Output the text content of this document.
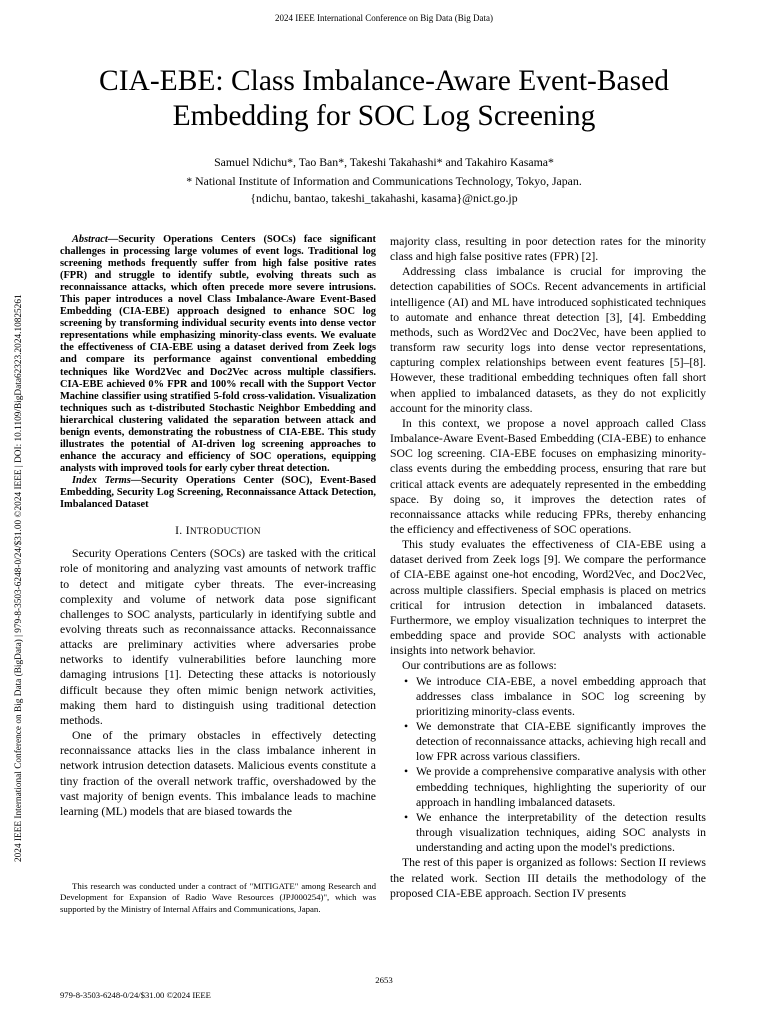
2024 IEEE International Conference on Big Data (Big Data)
CIA-EBE: Class Imbalance-Aware Event-Based
Embedding for SOC Log Screening
Samuel Ndichu*, Tao Ban*, Takeshi Takahashi* and Takahiro Kasama*
* National Institute of Information and Communications Technology, Tokyo, Japan.
{ndichu, bantao, takeshi_takahashi, kasama}@nict.go.jp
2024 IEEE International Conference on Big Data (BigData) | 979-8-3503-6248-0/24/$31.00 ©2024 IEEE | DOI: 10.1109/BigData62323.2024.10825261

Abstract—Security Operations Centers (SOCs) face significant challenges in processing large volumes of event logs. Traditional log screening methods frequently suffer from high false positive rates (FPR) and struggle to identify subtle, evolving threats such as reconnaissance attacks, which often precede more severe intrusions. This paper introduces a novel Class Imbalance-Aware Event-Based Embedding (CIA-EBE) approach designed to enhance SOC log screening by transforming individual security events into dense vector representations while emphasizing minority-class events. We evaluate the effectiveness of CIA-EBE using a dataset derived from Zeek logs and compare its performance against conventional embedding techniques like Word2Vec and Doc2Vec across multiple classifiers. CIA-EBE achieved 0% FPR and 100% recall with the Support Vector Machine classifier using stratified 5-fold cross-validation. Visualization techniques such as t-distributed Stochastic Neighbor Embedding and hierarchical clustering validated the separation between attack and benign events, demonstrating the robustness of CIA-EBE. This study illustrates the potential of AI-driven log screening approaches to enhance the accuracy and efficiency of SOC operations, equipping analysts with improved tools for early cyber threat detection.

Index Terms—Security Operations Center (SOC), Event-Based Embedding, Security Log Screening, Reconnaissance Attack Detection, Imbalanced Dataset

I. INTRODUCTION

Security Operations Centers (SOCs) are tasked with the critical role of monitoring and analyzing vast amounts of network traffic to detect and mitigate cyber threats. The ever-increasing complexity and volume of network data pose significant challenges to SOC analysts, particularly in identifying subtle and evolving threats such as reconnaissance attacks. Reconnaissance attacks are preliminary activities where adversaries probe networks to identify vulnerabilities before launching more damaging intrusions [1]. Detecting these attacks is notoriously difficult because they often mimic benign network activities, making them hard to distinguish using traditional detection methods.

One of the primary obstacles in effectively detecting reconnaissance attacks lies in the class imbalance inherent in network intrusion detection datasets. Malicious events constitute a tiny fraction of the overall network traffic, overshadowed by the vast majority of benign events. This imbalance leads to machine learning (ML) models that are biased towards the

This research was conducted under a contract of "MITIGATE" among Research and Development for Expansion of Radio Wave Resources (JPJ000254)", which was supported by the Ministry of Internal Affairs and Communications, Japan.

majority class, resulting in poor detection rates for the minority class and high false positive rates (FPR) [2].

Addressing class imbalance is crucial for improving the detection capabilities of SOCs. Recent advancements in artificial intelligence (AI) and ML have introduced sophisticated techniques to automate and enhance threat detection [3], [4]. Embedding methods, such as Word2Vec and Doc2Vec, have been applied to transform raw security logs into dense vector representations, capturing complex relationships between event features [5]–[8]. However, these traditional embedding techniques often fall short when applied to imbalanced datasets, as they do not explicitly account for the minority class.

In this context, we propose a novel approach called Class Imbalance-Aware Event-Based Embedding (CIA-EBE) to enhance SOC log screening. CIA-EBE focuses on emphasizing minority-class events during the embedding process, ensuring that rare but critical attack events are adequately represented in the embedding space. By doing so, it improves the detection rates of reconnaissance attacks while reducing FPRs, thereby enhancing the efficiency and effectiveness of SOC operations.

This study evaluates the effectiveness of CIA-EBE using a dataset derived from Zeek logs [9]. We compare the performance of CIA-EBE against one-hot encoding, Word2Vec, and Doc2Vec, across multiple classifiers. Special emphasis is placed on metrics critical for intrusion detection in imbalanced datasets. Furthermore, we employ visualization techniques to interpret the embedding space and provide SOC analysts with actionable insights into network behavior.

Our contributions are as follows:

• We introduce CIA-EBE, a novel embedding approach that addresses class imbalance in SOC log screening by prioritizing minority-class events.
• We demonstrate that CIA-EBE significantly improves the detection of reconnaissance attacks, achieving high recall and low FPR across various classifiers.
• We provide a comprehensive comparative analysis with other embedding techniques, highlighting the superiority of our approach in handling imbalanced datasets.
• We enhance the interpretability of the detection results through visualization techniques, aiding SOC analysts in understanding and acting upon the model's predictions.

The rest of this paper is organized as follows: Section II reviews the related work. Section III details the methodology of the proposed CIA-EBE approach. Section IV presents

2653
979-8-3503-6248-0/24/$31.00 ©2024 IEEE
